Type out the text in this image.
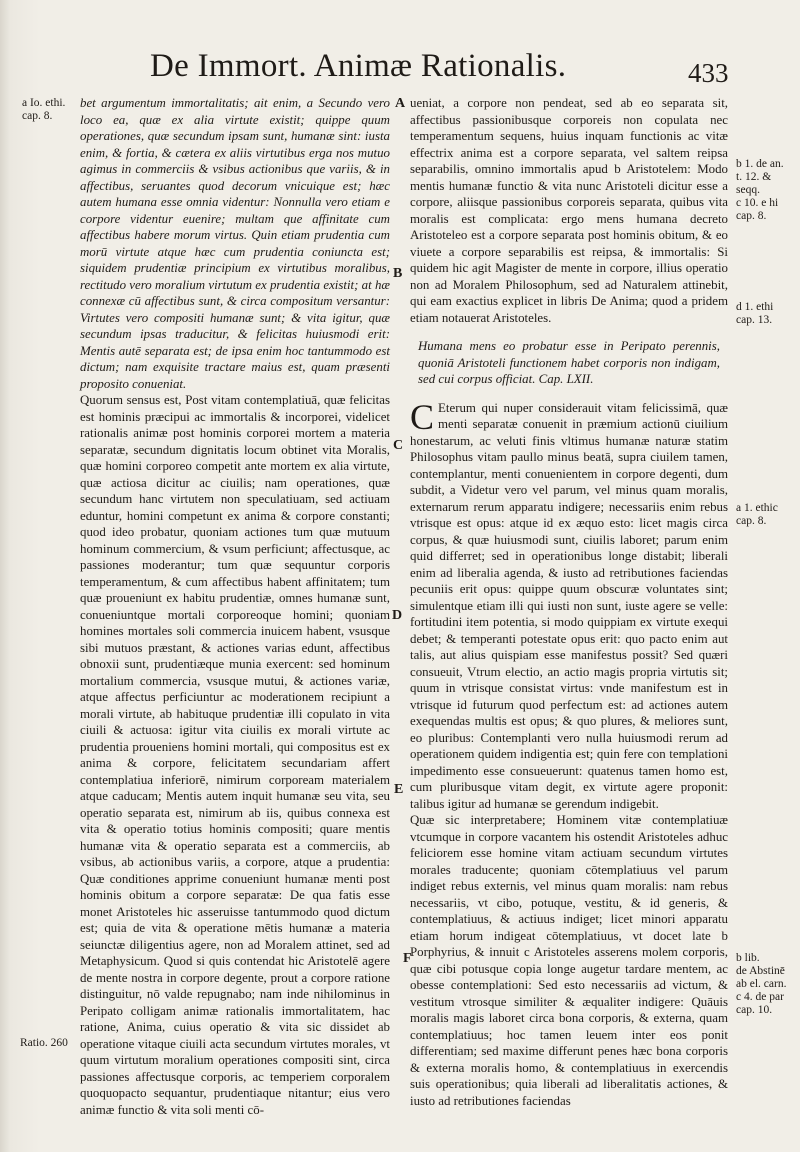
De Immort. Animæ Rationalis.	433
a Io. ethi.
cap. 8.
Ratio. 260
A
B
C
D
E
F
b 1. de an.
t. 12. &
seqq.
c 10. e hi
cap. 8.
d 1. ethi
cap. 13.
a 1. ethic
cap. 8.
b lib.
de Abstinē
ab el. carn.
c 4. de par
cap. 10.

bet argumentum immortalitatis; ait enim, a Secundo vero loco ea, quæ ex alia virtute existit; quippe quum operationes, quæ secundum ipsam sunt, humanæ sint: iusta enim, & fortia, & cætera ex aliis virtutibus erga nos mutuo agimus in commerciis & vsibus actionibus que variis, & in affectibus, seruantes quod decorum vnicuique est; hæc autem humana esse omnia videntur: Nonnulla vero etiam e corpore videntur euenire; multam que affinitate cum affectibus habere morum virtus. Quin etiam prudentia cum morū virtute atque hæc cum prudentia coniuncta est; siquidem prudentiæ principium ex virtutibus moralibus, rectitudo vero moralium virtutum ex prudentia existit; at hæ connexæ cū affectibus sunt, & circa compositum versantur: Virtutes vero compositi humanæ sunt; & vita igitur, quæ secundum ipsas traducitur, & felicitas huiusmodi erit: Mentis autē separata est; de ipsa enim hoc tantummodo est dictum; nam exquisite tractare maius est, quam præsenti proposito conueniat.

Quorum sensus est, Post vitam contemplatiuā, quæ felicitas est hominis præcipui ac immortalis & incorporei, videlicet rationalis animæ post hominis corporei mortem a materia separatæ, secundum dignitatis locum obtinet vita Moralis, quæ homini corporeo competit ante mortem ex alia virtute, quæ actiosa dicitur ac ciuilis; nam operationes, quæ secundum hanc virtutem non speculatiuam, sed actiuam eduntur, homini competunt ex anima & corpore constanti; quod ideo probatur, quoniam actiones tum quæ mutuum hominum commercium, & vsum perficiunt; affectusque, ac passiones moderantur; tum quæ sequuntur corporis temperamentum, & cum affectibus habent affinitatem; tum quæ proueniunt ex habitu prudentiæ, omnes humanæ sunt, conueniuntque mortali corporeoque homini; quoniam homines mortales soli commercia inuicem habent, vsusque sibi mutuos præstant, & actiones varias edunt, affectibus obnoxii sunt, prudentiæque munia exercent: sed hominum mortalium commercia, vsusque mutui, & actiones variæ, atque affectus perficiuntur ac moderationem recipiunt a morali virtute, ab habituque prudentiæ illi copulato in vita ciuili & actuosa: igitur vita ciuilis ex morali virtute ac prudentia proueniens homini mortali, qui compositus est ex anima & corpore, felicitatem secundariam affert contemplatiua inferiorē, nimirum corpoream materialem atque caducam; Mentis autem inquit humanæ seu vita, seu operatio separata est, nimirum ab iis, quibus connexa est vita & operatio totius hominis compositi; quare mentis humanæ vita & operatio separata est a commerciis, ab vsibus, ab actionibus variis, a corpore, atque a prudentia: Quæ conditiones apprime conueniunt humanæ menti post hominis obitum a corpore separatæ: De qua fatis esse monet Aristoteles hic asseruisse tantummodo quod dictum est; quia de vita & operatione mētis humanæ a materia seiunctæ diligentius agere, non ad Moralem attinet, sed ad Metaphysicum. Quod si quis contendat hic Aristotelē agere de mente nostra in corpore degente, prout a corpore ratione distinguitur, nō valde repugnabo; nam inde nihilominus in Peripato colligam animæ rationalis immortalitatem, hac ratione, Anima, cuius operatio & vita sic dissidet ab operatione vitaque ciuili acta secundum virtutes morales, vt quum virtutum moralium operationes compositi sint, circa passiones affectusque corporis, ac temperiem corporalem quoquopacto sequantur, prudentiaque nitantur; eius vero animæ functio & vita soli menti cō-

ueniat, a corpore non pendeat, sed ab eo separata sit, affectibus passionibusque corporeis non copulata nec temperamentum sequens, huius inquam functionis ac vitæ effectrix anima est a corpore separata, vel saltem reipsa separabilis, omnino immortalis apud b Aristotelem: Modo mentis humanæ functio & vita nunc Aristoteli dicitur esse a corpore, aliisque passionibus corporeis separata, quibus vita moralis est complicata: ergo mens humana decreto Aristoteleo est a corpore separata post hominis obitum, & eo viuete a corpore separabilis est reipsa, & immortalis: Si quidem hic agit Magister de mente in corpore, illius operatio non ad Moralem Philosophum, sed ad Naturalem attinebit, qui eam exactius explicet in libris De Anima; quod a pridem etiam notauerat Aristoteles.

Humana mens eo probatur esse in Peripato perennis, quoniā Aristoteli functionem habet corporis non indigam, sed cui corpus officiat. Cap. LXII.

C Eterum qui nuper considerauit vitam felicissimā, quæ menti separatæ conuenit in præmium actionū ciuilium honestarum, ac veluti finis vltimus humanæ naturæ statim Philosophus vitam paullo minus beatā, supra ciuilem tamen, contemplantur, menti conuenientem in corpore degenti, dum subdit, a Videtur vero vel parum, vel minus quam moralis, externarum rerum apparatu indigere; necessariis enim rebus vtrisque est opus: atque id ex æquo esto: licet magis circa corpus, & quæ huiusmodi sunt, ciuilis laboret; parum enim quid differret; sed in operationibus longe distabit; liberali enim ad liberalia agenda, & iusto ad retributiones faciendas pecuniis erit opus: quippe quum obscuræ voluntates sint; simulentque etiam illi qui iusti non sunt, iuste agere se velle: fortitudini item potentia, si modo quippiam ex virtute exequi debet; & temperanti potestate opus erit: quo pacto enim aut talis, aut alius quispiam esse manifestus possit? Sed quæri consueuit, Vtrum electio, an actio magis propria virtutis sit; quum in vtrisque consistat virtus: vnde manifestum est in vtrisque id futurum quod perfectum est: ad actiones autem exequendas multis est opus; & quo plures, & meliores sunt, eo pluribus: Contemplanti vero nulla huiusmodi rerum ad operationem quidem indigentia est; quin fere con templationi impedimento esse consueuerunt: quatenus tamen homo est, cum pluribusque vitam degit, ex virtute agere proponit: talibus igitur ad humanæ se gerendum indigebit.

Quæ sic interpretabere; Hominem vitæ contemplatiuæ vtcumque in corpore vacantem his ostendit Aristoteles adhuc feliciorem esse homine vitam actiuam secundum virtutes morales traducente; quoniam cōtemplatiuus vel parum indiget rebus externis, vel minus quam moralis: nam rebus necessariis, vt cibo, potuque, vestitu, & id generis, & contemplatiuus, & actiuus indiget; licet minori apparatu etiam horum indigeat cōtemplatiuus, vt docet late b Porphyrius, & innuit c Aristoteles asserens molem corporis, quæ cibi potusque copia longe augetur tardare mentem, ac obesse contemplationi: Sed esto necessariis ad victum, & vestitum vtrosque similiter & æqualiter indigere: Quāuis moralis magis laboret circa bona corporis, & externa, quam contemplatiuus; hoc tamen leuem inter eos ponit differentiam; sed maxime differunt penes hæc bona corporis & externa moralis homo, & contemplatiuus in exercendis suis operationibus; quia liberali ad liberalitatis actiones, & iusto ad retributiones faciendas
